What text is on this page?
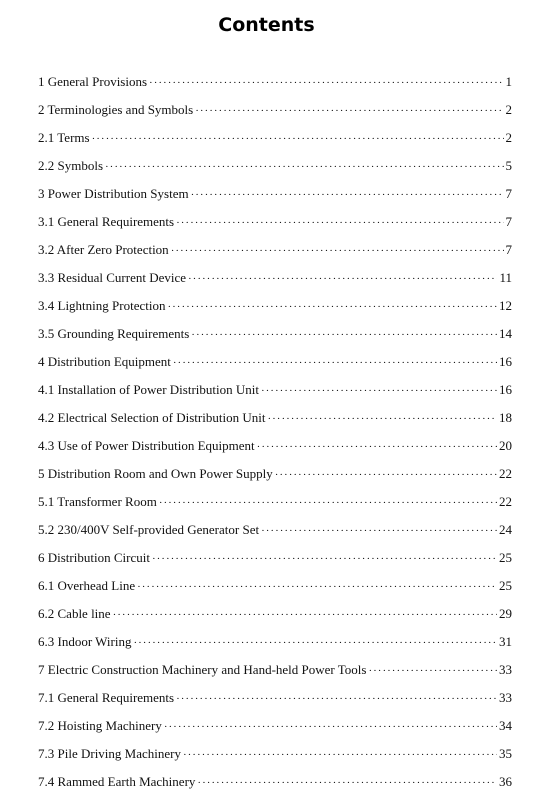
Contents
1 General Provisions ·····	1
2 Terminologies and Symbols ·····	2
2.1 Terms ·····	2
2.2 Symbols ·····	5
3 Power Distribution System ·····	7
3.1 General Requirements ·····	7
3.2 After Zero Protection ·····	7
3.3 Residual Current Device ·····	11
3.4 Lightning Protection ·····	12
3.5 Grounding Requirements ·····	14
4 Distribution Equipment ·····	16
4.1 Installation of Power Distribution Unit ·····	16
4.2 Electrical Selection of Distribution Unit ·····	18
4.3 Use of Power Distribution Equipment ·····	20
5 Distribution Room and Own Power Supply ·····	22
5.1 Transformer Room ·····	22
5.2 230/400V Self-provided Generator Set ·····	24
6 Distribution Circuit ·····	25
6.1 Overhead Line ·····	25
6.2 Cable line ·····	29
6.3 Indoor Wiring ·····	31
7 Electric Construction Machinery and Hand-held Power Tools ·····	33
7.1 General Requirements ·····	33
7.2 Hoisting Machinery ·····	34
7.3 Pile Driving Machinery ·····	35
7.4 Rammed Earth Machinery ·····	36
